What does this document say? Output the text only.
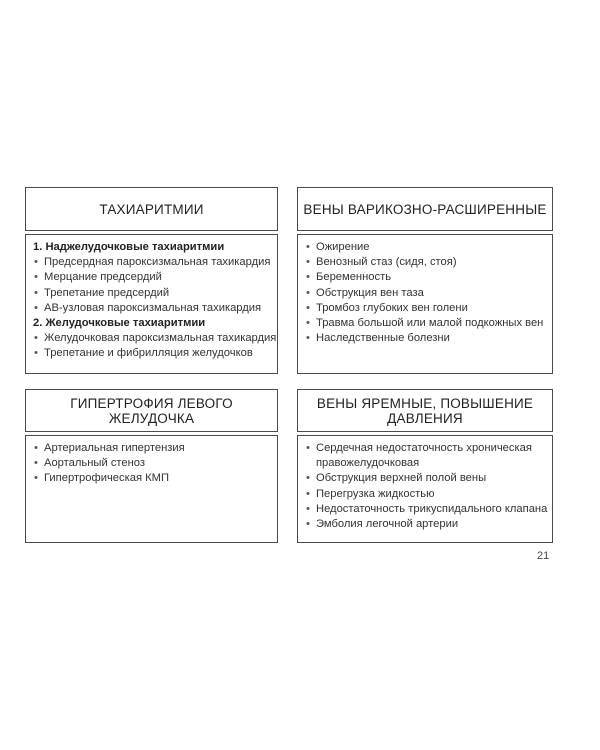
ТАХИАРИТМИИ
1. Наджелудочковые тахиаритмии
• Предсердная пароксизмальная тахикардия
• Мерцание предсердий
• Трепетание предсердий
• АВ-узловая пароксизмальная тахикардия
2. Желудочковые тахиаритмии
• Желудочковая пароксизмальная тахикардия
• Трепетание и фибрилляция желудочков
ВЕНЫ ВАРИКОЗНО-РАСШИРЕННЫЕ
• Ожирение
• Венозный стаз (сидя, стоя)
• Беременность
• Обструкция вен таза
• Тромбоз глубоких вен голени
• Травма большой или малой подкожных вен
• Наследственные болезни
ГИПЕРТРОФИЯ ЛЕВОГО ЖЕЛУДОЧКА
• Артериальная гипертензия
• Аортальный стеноз
• Гипертрофическая КМП
ВЕНЫ ЯРЕМНЫЕ, ПОВЫШЕНИЕ ДАВЛЕНИЯ
• Сердечная недостаточность хроническая
правожелудочковая
• Обструкция верхней полой вены
• Перегрузка жидкостью
• Недостаточность трикуспидального клапана
• Эмболия легочной артерии
21
